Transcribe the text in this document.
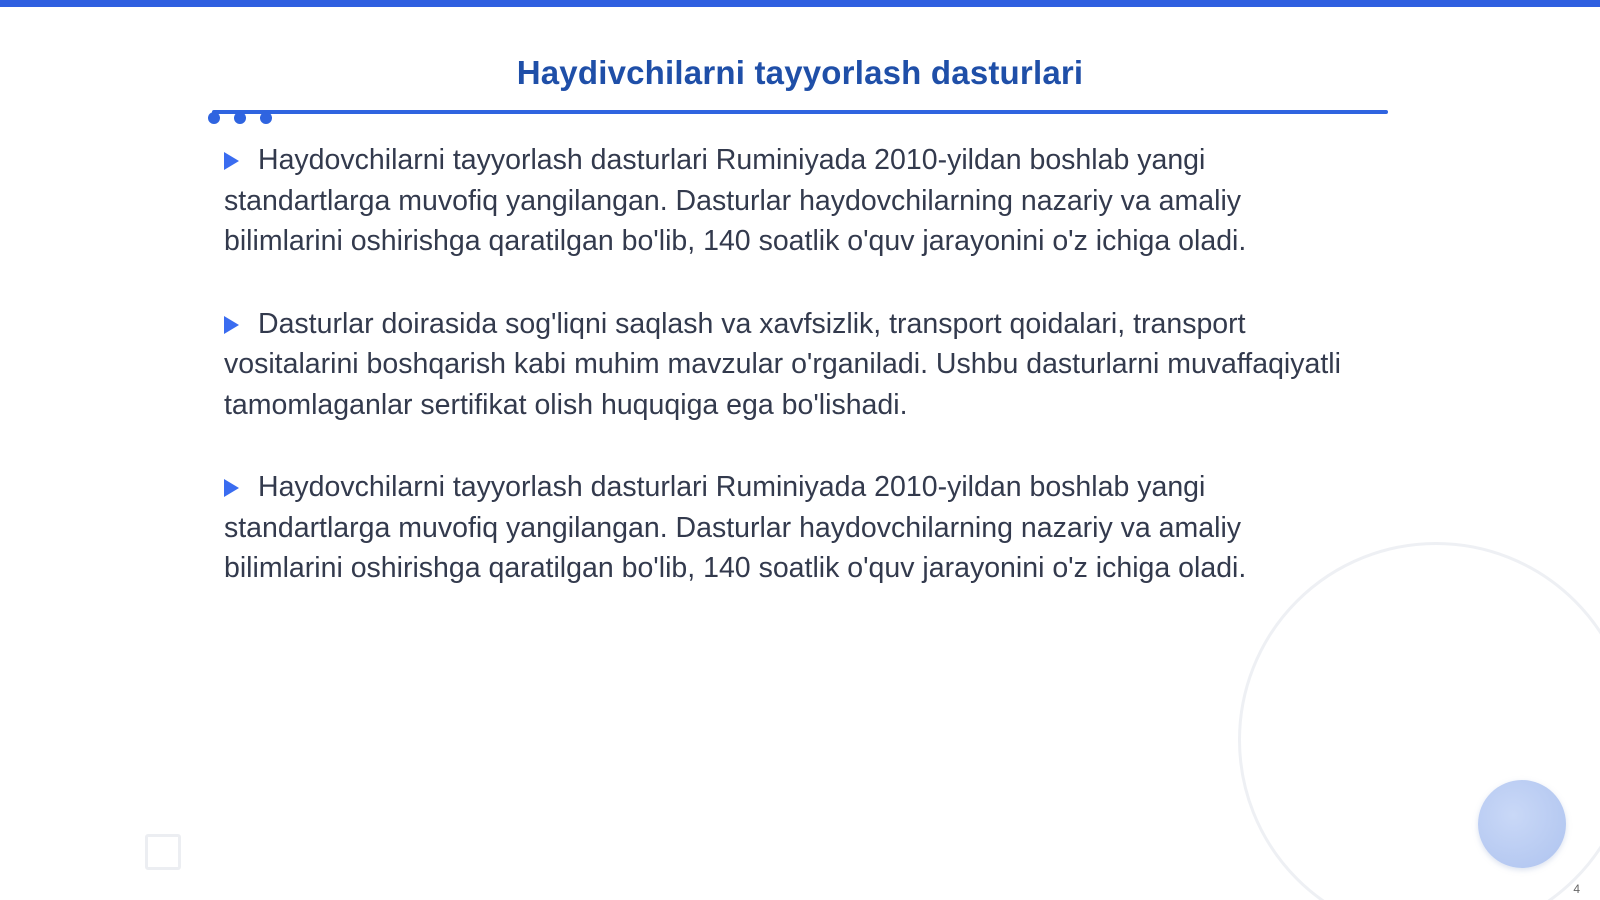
Haydivchilarni tayyorlash dasturlari

Haydovchilarni tayyorlash dasturlari Ruminiyada 2010-yildan boshlab yangi standartlarga muvofiq yangilangan. Dasturlar haydovchilarning nazariy va amaliy bilimlarini oshirishga qaratilgan bo'lib, 140 soatlik o'quv jarayonini o'z ichiga oladi.

Dasturlar doirasida sog'liqni saqlash va xavfsizlik, transport qoidalari, transport vositalarini boshqarish kabi muhim mavzular o'rganiladi. Ushbu dasturlarni muvaffaqiyatli tamomlaganlar sertifikat olish huquqiga ega bo'lishadi.

Haydovchilarni tayyorlash dasturlari Ruminiyada 2010-yildan boshlab yangi standartlarga muvofiq yangilangan. Dasturlar haydovchilarning nazariy va amaliy bilimlarini oshirishga qaratilgan bo'lib, 140 soatlik o'quv jarayonini o'z ichiga oladi.

4
